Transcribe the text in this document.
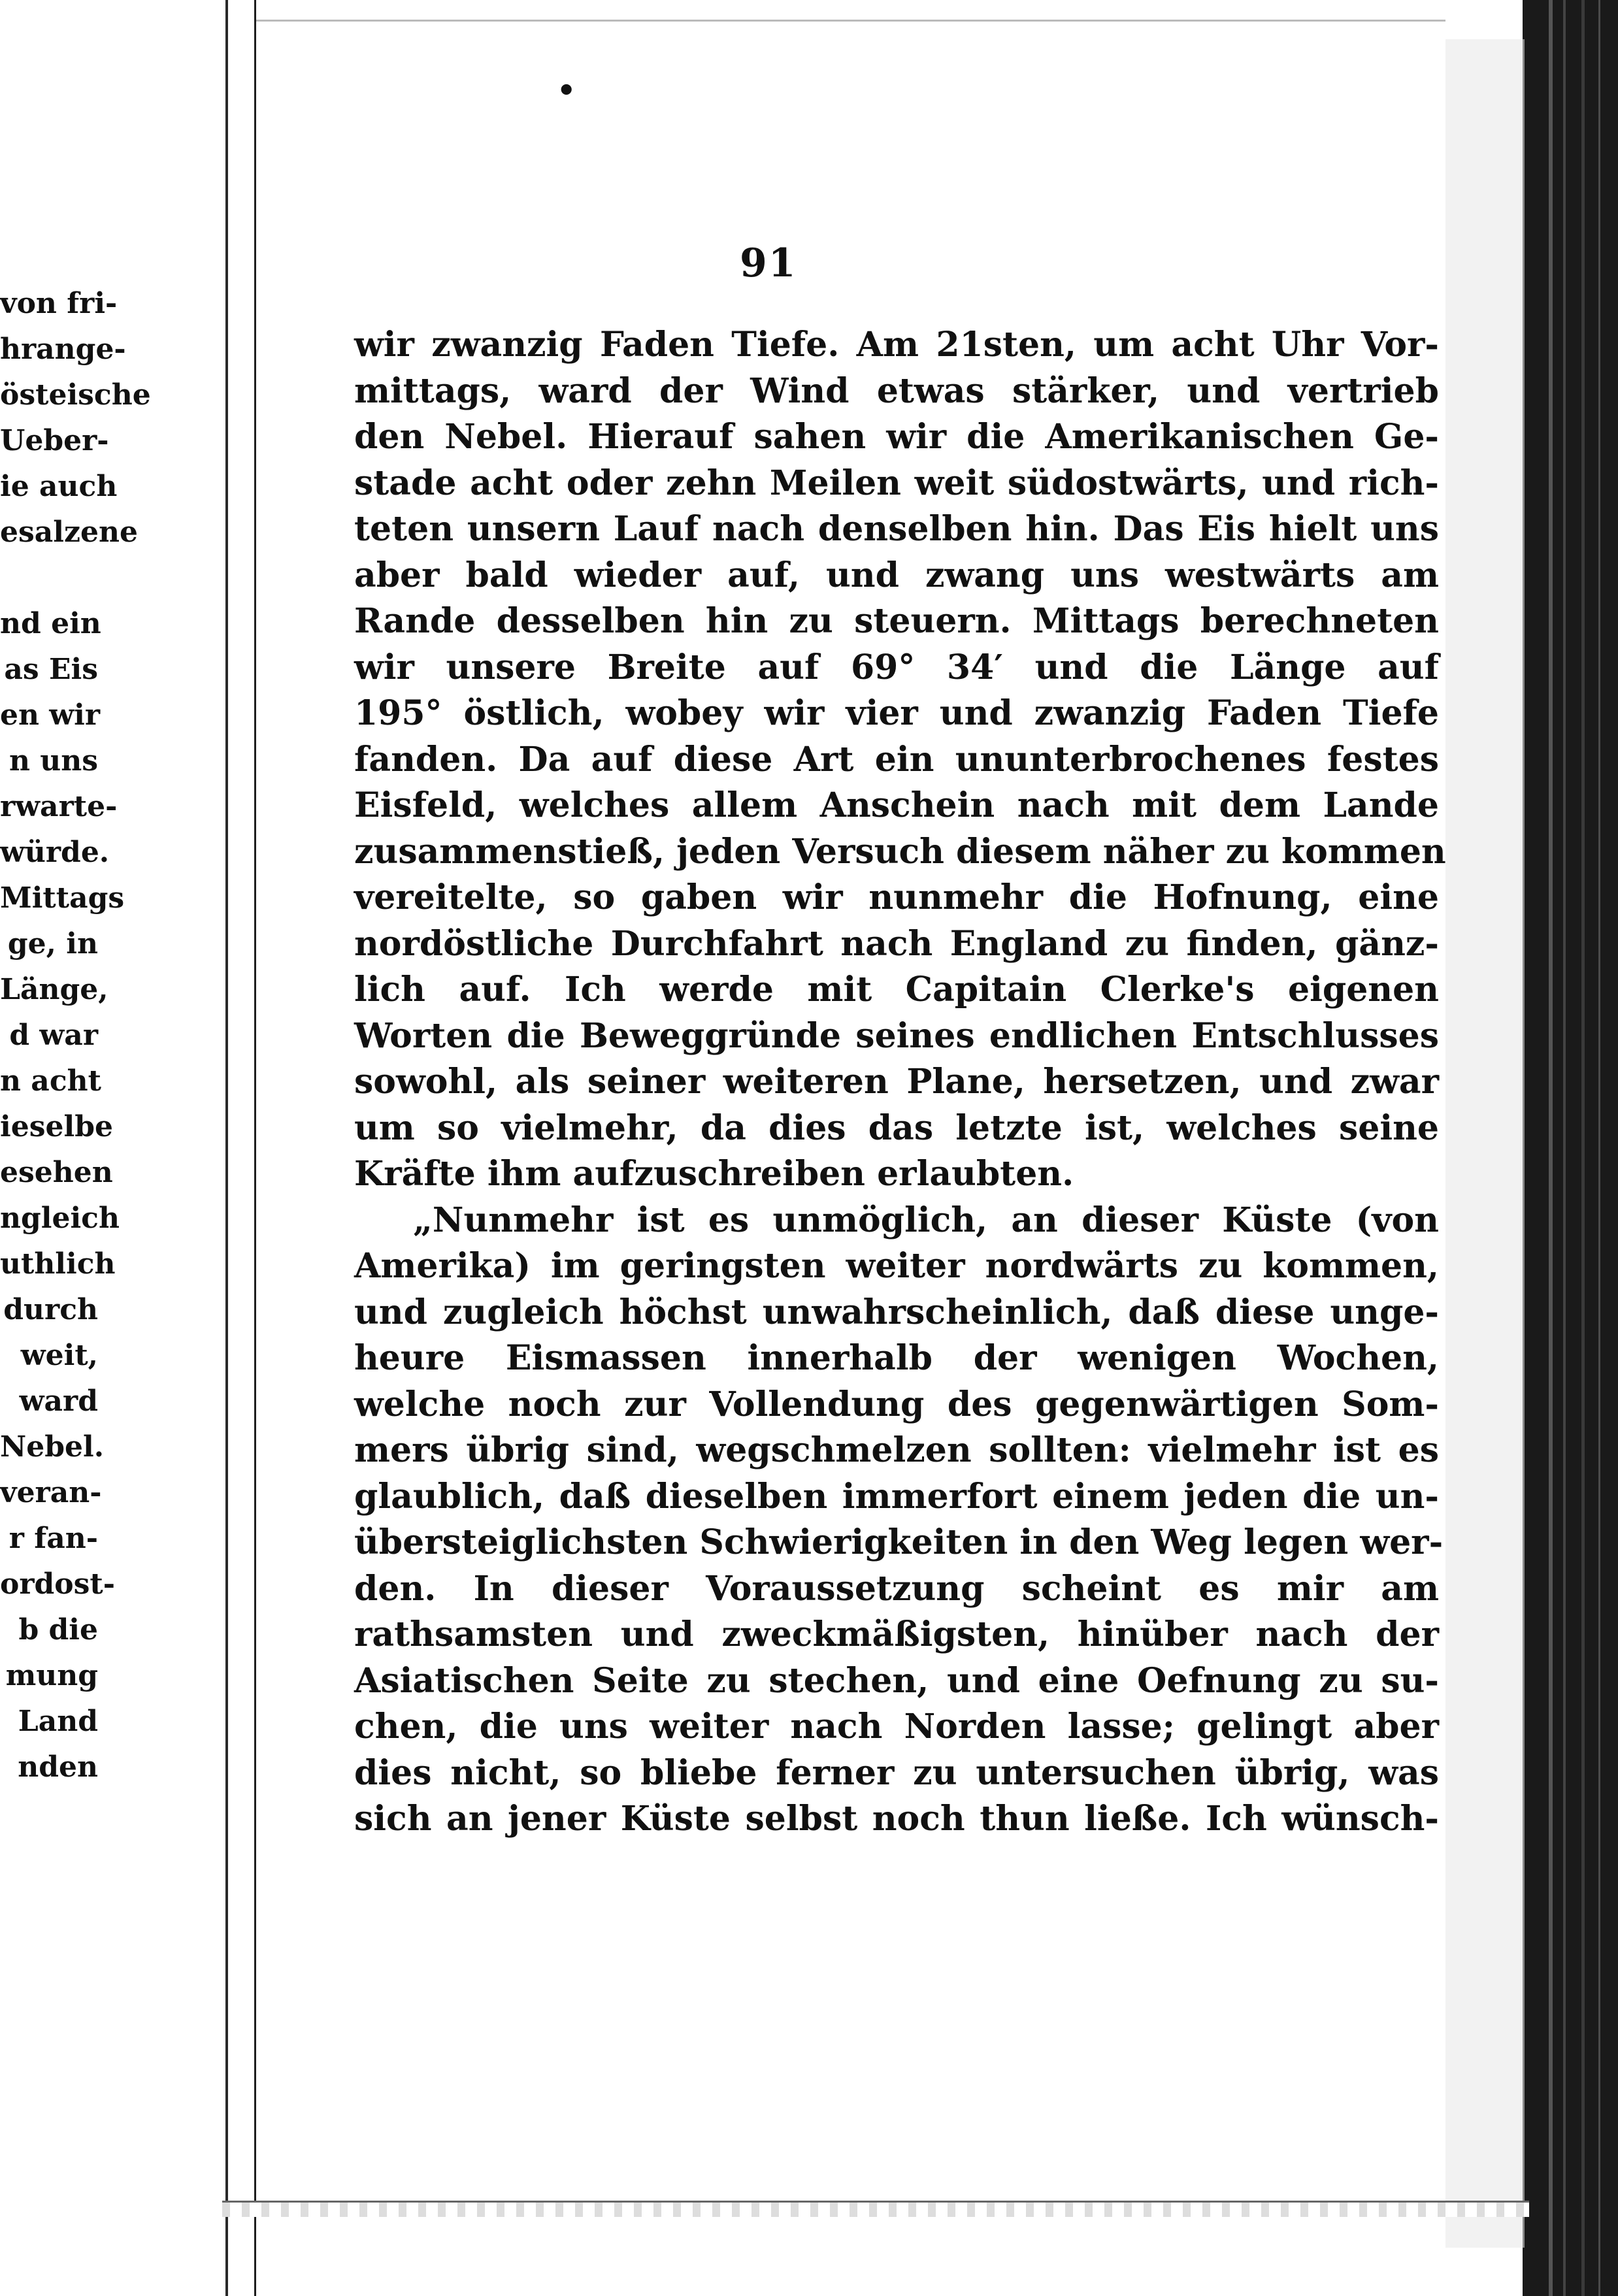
von fri-
hrange-
östeische
Ueber-
ie auch
esalzene
nd ein
as Eis
en wir
n uns
rwarte-
würde.
Mittags
ge, in
Länge,
d war
n acht
ieselbe
esehen
ngleich
uthlich
durch
weit,
ward
Nebel.
veran-
r fan-
ordost-
b die
mung
Land
nden
•
91
wir zwanzig Faden Tiefe. Am 21sten, um acht Uhr Vor-
mittags, ward der Wind etwas stärker, und vertrieb
den Nebel. Hierauf sahen wir die Amerikanischen Ge-
stade acht oder zehn Meilen weit südostwärts, und rich-
teten unsern Lauf nach denselben hin. Das Eis hielt uns
aber bald wieder auf, und zwang uns westwärts am
Rande desselben hin zu steuern. Mittags berechneten
wir unsere Breite auf 69° 34′ und die Länge auf
195° östlich, wobey wir vier und zwanzig Faden Tiefe
fanden. Da auf diese Art ein ununterbrochenes festes
Eisfeld, welches allem Anschein nach mit dem Lande
zusammenstieß, jeden Versuch diesem näher zu kommen
vereitelte, so gaben wir nunmehr die Hofnung, eine
nordöstliche Durchfahrt nach England zu finden, gänz-
lich auf. Ich werde mit Capitain Clerke's eigenen
Worten die Beweggründe seines endlichen Entschlusses
sowohl, als seiner weiteren Plane, hersetzen, und zwar
um so vielmehr, da dies das letzte ist, welches seine
Kräfte ihm aufzuschreiben erlaubten.
„Nunmehr ist es unmöglich, an dieser Küste (von
Amerika) im geringsten weiter nordwärts zu kommen,
und zugleich höchst unwahrscheinlich, daß diese unge-
heure Eismassen innerhalb der wenigen Wochen,
welche noch zur Vollendung des gegenwärtigen Som-
mers übrig sind, wegschmelzen sollten: vielmehr ist es
glaublich, daß dieselben immerfort einem jeden die un-
übersteiglichsten Schwierigkeiten in den Weg legen wer-
den. In dieser Voraussetzung scheint es mir am
rathsamsten und zweckmäßigsten, hinüber nach der
Asiatischen Seite zu stechen, und eine Oefnung zu su-
chen, die uns weiter nach Norden lasse; gelingt aber
dies nicht, so bliebe ferner zu untersuchen übrig, was
sich an jener Küste selbst noch thun ließe. Ich wünsch-
